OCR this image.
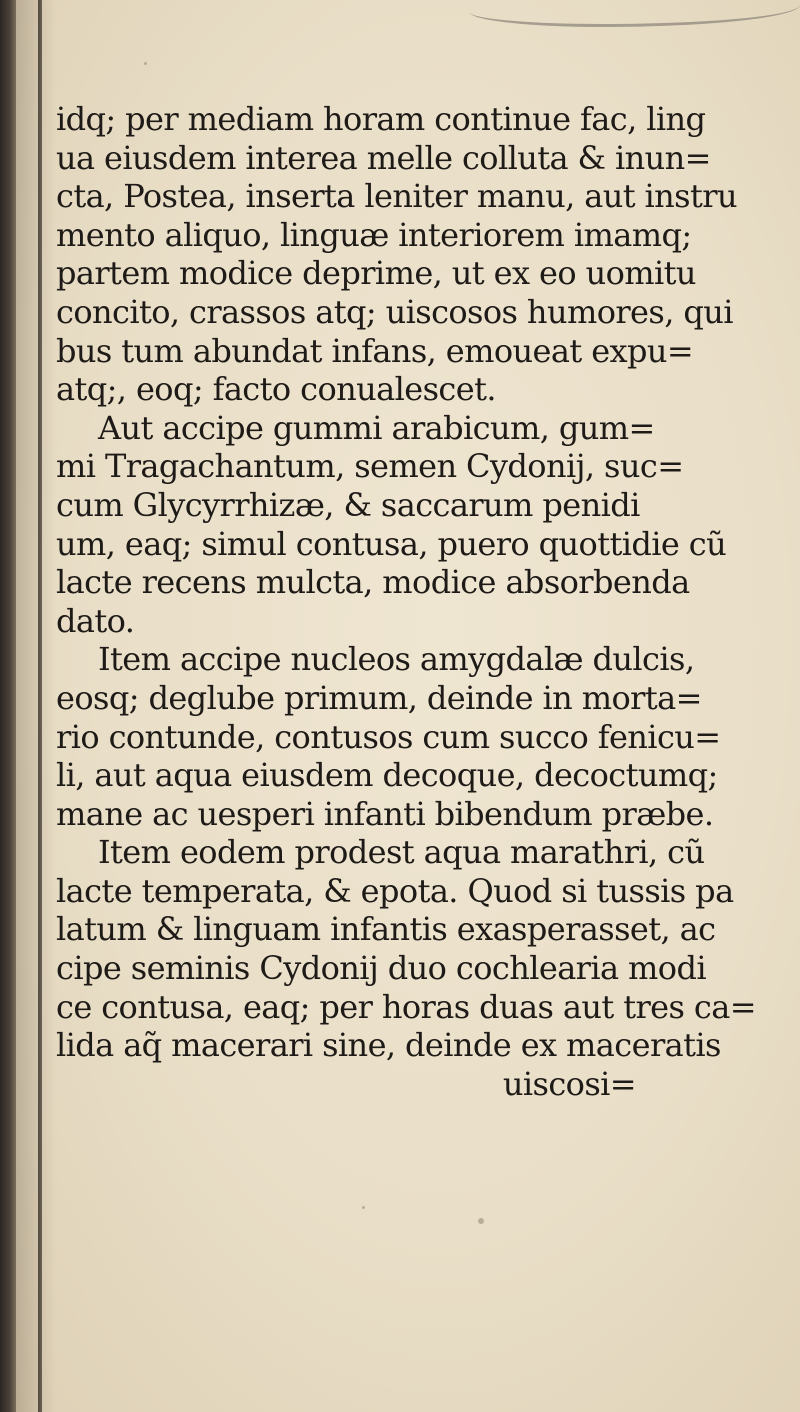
idq; per mediam horam continue fac, ling
ua eiusdem interea melle colluta & inun=
cta, Postea, inserta leniter manu, aut instru
mento aliquo, linguæ interiorem imamq;
partem modice deprime, ut ex eo uomitu
concito, crassos atq; uiscosos humores, qui
bus tum abundat infans, emoueat expu=
atq;, eoq; facto conualescet.
Aut accipe gummi arabicum, gum=
mi Tragachantum, semen Cydonij, suc=
cum Glycyrrhizæ, & saccarum penidi
um, eaq; simul contusa, puero quottidie cũ
lacte recens mulcta, modice absorbenda
dato.
Item accipe nucleos amygdalæ dulcis,
eosq; deglube primum, deinde in morta=
rio contunde, contusos cum succo fenicu=
li, aut aqua eiusdem decoque, decoctumq;
mane ac uesperi infanti bibendum præbe.
Item eodem prodest aqua marathri, cũ
lacte temperata, & epota. Quod si tussis pa
latum & linguam infantis exasperasset, ac
cipe seminis Cydonij duo cochlearia modi
ce contusa, eaq; per horas duas aut tres ca=
lida aq̃ macerari sine, deinde ex maceratis
uiscosi=
